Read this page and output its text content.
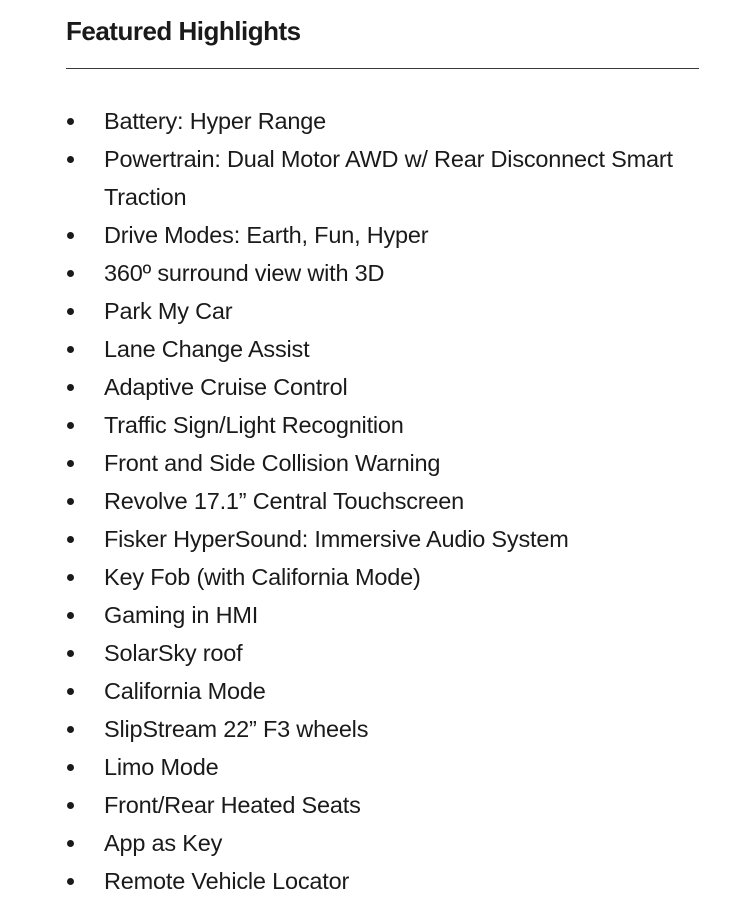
Featured Highlights
Battery: Hyper Range
Powertrain: Dual Motor AWD w/ Rear Disconnect Smart Traction
Drive Modes: Earth, Fun, Hyper
360º surround view with 3D
Park My Car
Lane Change Assist
Adaptive Cruise Control
Traffic Sign/Light Recognition
Front and Side Collision Warning
Revolve 17.1” Central Touchscreen
Fisker HyperSound: Immersive Audio System
Key Fob (with California Mode)
Gaming in HMI
SolarSky roof
California Mode
SlipStream 22” F3 wheels
Limo Mode
Front/Rear Heated Seats
App as Key
Remote Vehicle Locator
